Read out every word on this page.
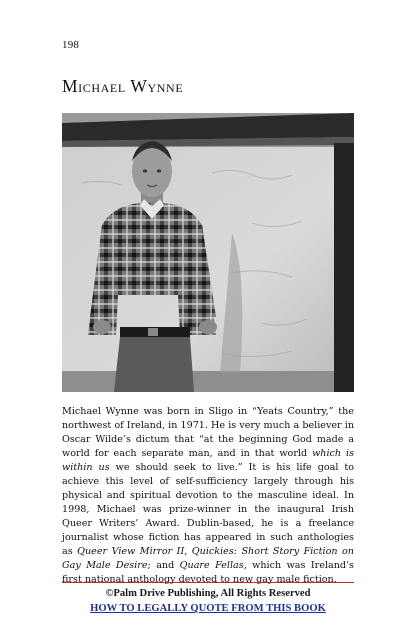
198
Michael Wynne
Michael Wynne was born in Sligo in “Yeats Country,” the northwest of Ireland, in 1971. He is very much a believer in Oscar Wilde’s dictum that “at the beginning God made a world for each separate man, and in that world which is within us we should seek to live.” It is his life goal to achieve this level of self-sufficiency largely through his physical and spiritual devotion to the masculine ideal. In 1998, Michael was prize-winner in the inaugural Irish Queer Writers’ Award. Dublin-based, he is a freelance journalist whose fiction has appeared in such anthologies as Queer View Mirror II, Quickies: Short Story Fiction on Gay Male Desire; and Quare Fellas, which was Ireland’s first national anthology devoted to new gay male fiction.
©Palm Drive Publishing, All Rights Reserved
HOW TO LEGALLY QUOTE FROM THIS BOOK
